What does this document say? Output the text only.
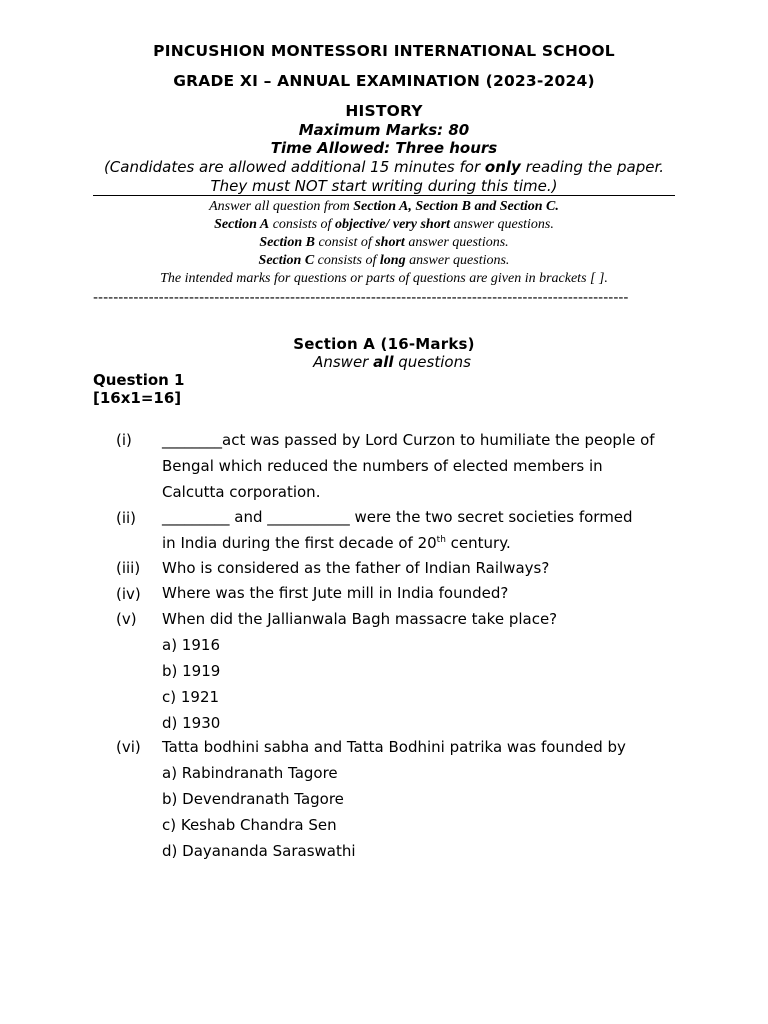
PINCUSHION MONTESSORI INTERNATIONAL SCHOOL
GRADE XI – ANNUAL EXAMINATION (2023-2024)
HISTORY
Maximum Marks: 80
Time Allowed: Three hours
(Candidates are allowed additional 15 minutes for only reading the paper.
They must NOT start writing during this time.)
Answer all question from Section A, Section B and Section C.
Section A consists of objective/ very short answer questions.
Section B consist of short answer questions.
Section C consists of long answer questions.
The intended marks for questions or parts of questions are given in brackets [ ].
----------------------------------------------------------------------------------------------------------
Section A (16-Marks)
Answer all questions
Question 1
[16x1=16]
(i) ________act was passed by Lord Curzon to humiliate the people of
Bengal which reduced the numbers of elected members in
Calcutta corporation.
(ii) _________ and ___________ were the two secret societies formed
in India during the first decade of 20th century.
(iii) Who is considered as the father of Indian Railways?
(iv) Where was the first Jute mill in India founded?
(v) When did the Jallianwala Bagh massacre take place?
a) 1916
b) 1919
c) 1921
d) 1930
(vi) Tatta bodhini sabha and Tatta Bodhini patrika was founded by
a) Rabindranath Tagore
b) Devendranath Tagore
c) Keshab Chandra Sen
d) Dayananda Saraswathi
